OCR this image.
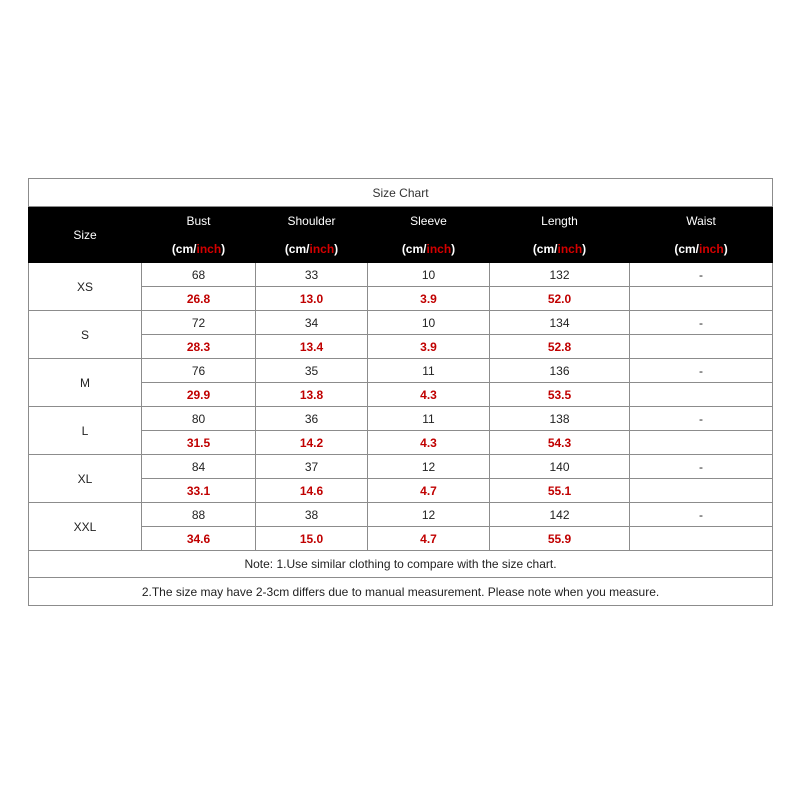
Size Chart					
Size	Bust	Shoulder	Sleeve	Length	Waist
	(cm/inch)	(cm/inch)	(cm/inch)	(cm/inch)	(cm/inch)
XS	68	33	10	132	-
	26.8	13.0	3.9	52.0	
S	72	34	10	134	-
	28.3	13.4	3.9	52.8	
M	76	35	11	136	-
	29.9	13.8	4.3	53.5	
L	80	36	11	138	-
	31.5	14.2	4.3	54.3	
XL	84	37	12	140	-
	33.1	14.6	4.7	55.1	
XXL	88	38	12	142	-
	34.6	15.0	4.7	55.9	
Note: 1.Use similar clothing to compare with the size chart.					
2.The size may have 2-3cm differs due to manual measurement. Please note when you measure.					
